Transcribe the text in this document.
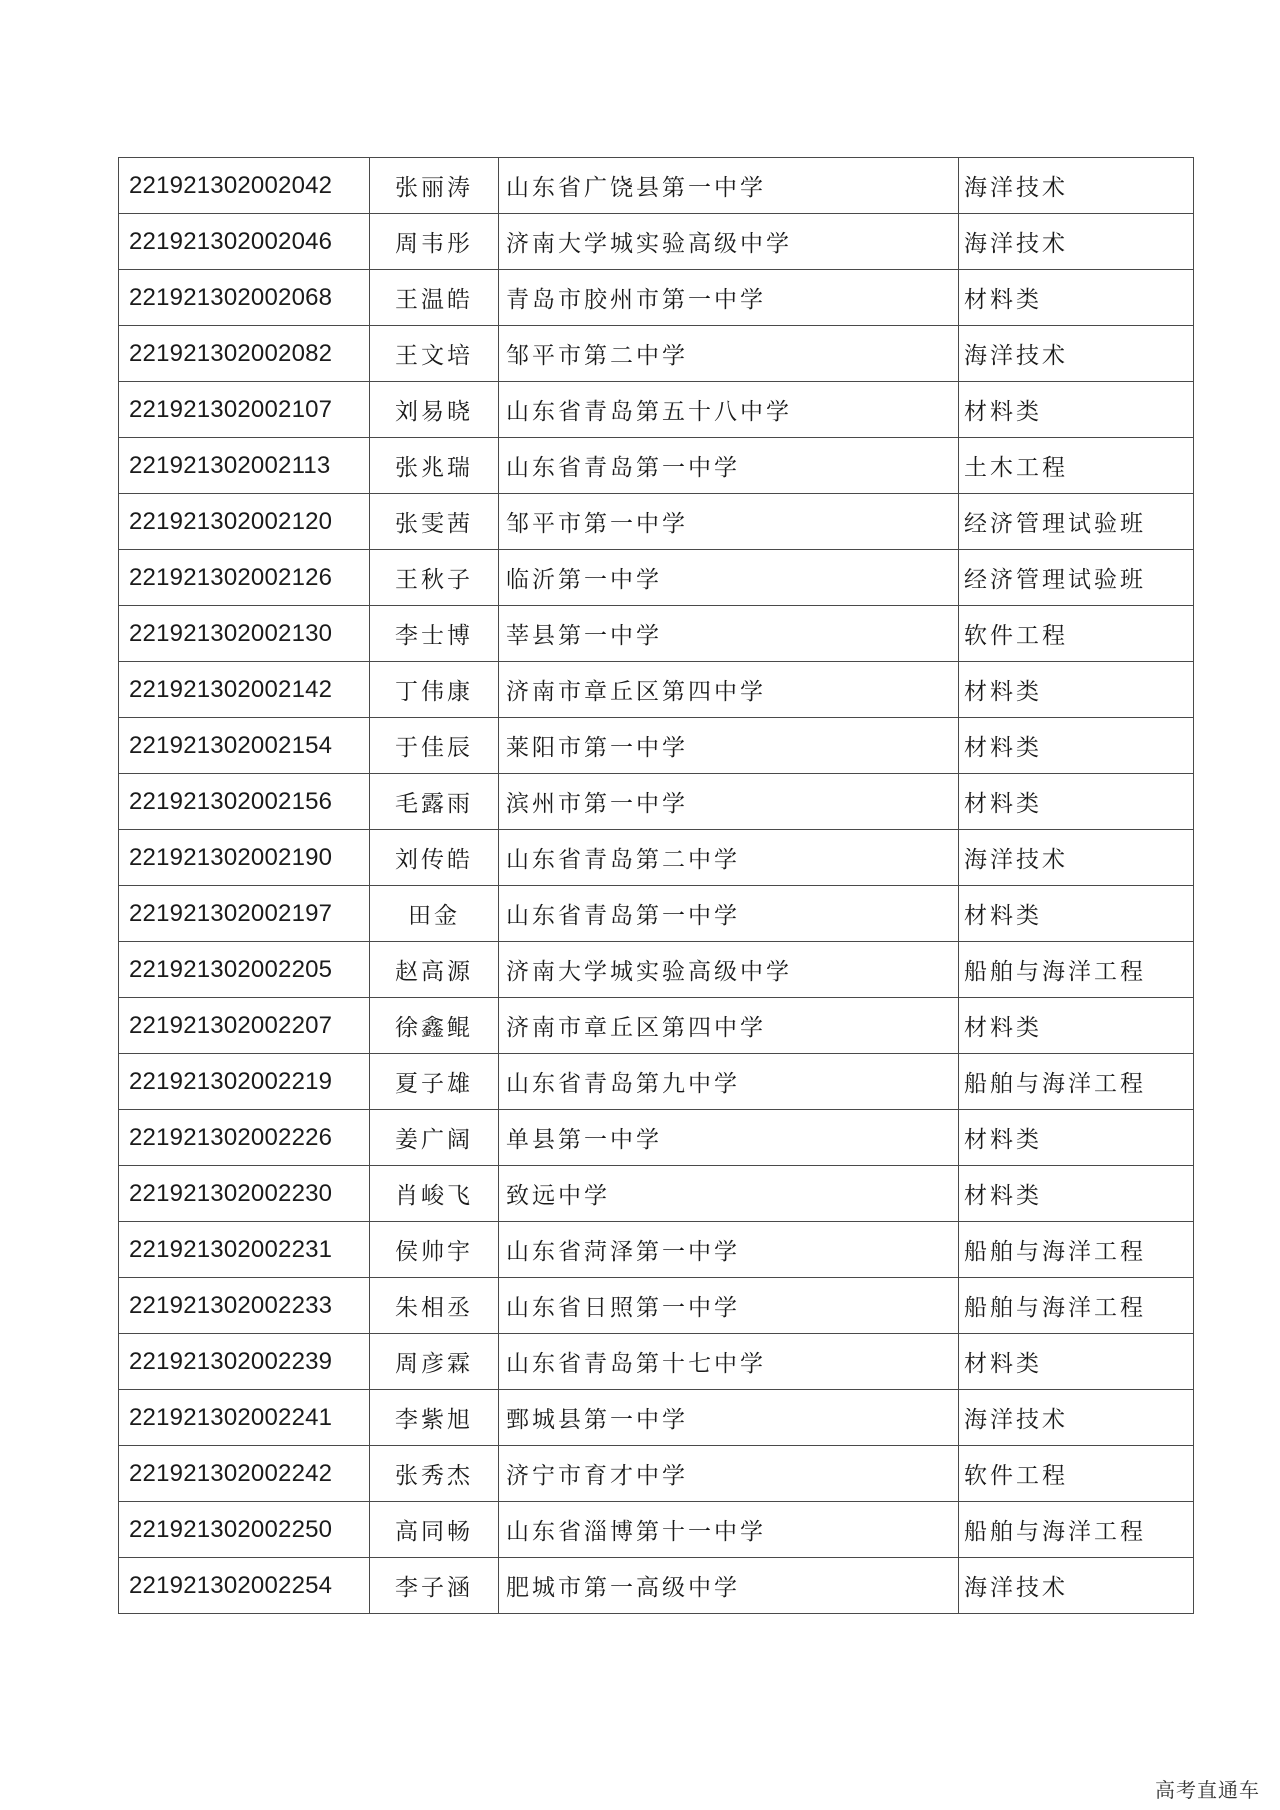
221921302002042	张丽涛	山东省广饶县第一中学	海洋技术
221921302002046	周韦彤	济南大学城实验高级中学	海洋技术
221921302002068	王温皓	青岛市胶州市第一中学	材料类
221921302002082	王文培	邹平市第二中学	海洋技术
221921302002107	刘易晓	山东省青岛第五十八中学	材料类
221921302002113	张兆瑞	山东省青岛第一中学	土木工程
221921302002120	张雯茜	邹平市第一中学	经济管理试验班
221921302002126	王秋子	临沂第一中学	经济管理试验班
221921302002130	李士博	莘县第一中学	软件工程
221921302002142	丁伟康	济南市章丘区第四中学	材料类
221921302002154	于佳辰	莱阳市第一中学	材料类
221921302002156	毛露雨	滨州市第一中学	材料类
221921302002190	刘传皓	山东省青岛第二中学	海洋技术
221921302002197	田金	山东省青岛第一中学	材料类
221921302002205	赵高源	济南大学城实验高级中学	船舶与海洋工程
221921302002207	徐鑫鲲	济南市章丘区第四中学	材料类
221921302002219	夏子雄	山东省青岛第九中学	船舶与海洋工程
221921302002226	姜广阔	单县第一中学	材料类
221921302002230	肖峻飞	致远中学	材料类
221921302002231	侯帅宇	山东省菏泽第一中学	船舶与海洋工程
221921302002233	朱相丞	山东省日照第一中学	船舶与海洋工程
221921302002239	周彦霖	山东省青岛第十七中学	材料类
221921302002241	李紫旭	鄄城县第一中学	海洋技术
221921302002242	张秀杰	济宁市育才中学	软件工程
221921302002250	高同畅	山东省淄博第十一中学	船舶与海洋工程
221921302002254	李子涵	肥城市第一高级中学	海洋技术
高考直通车
